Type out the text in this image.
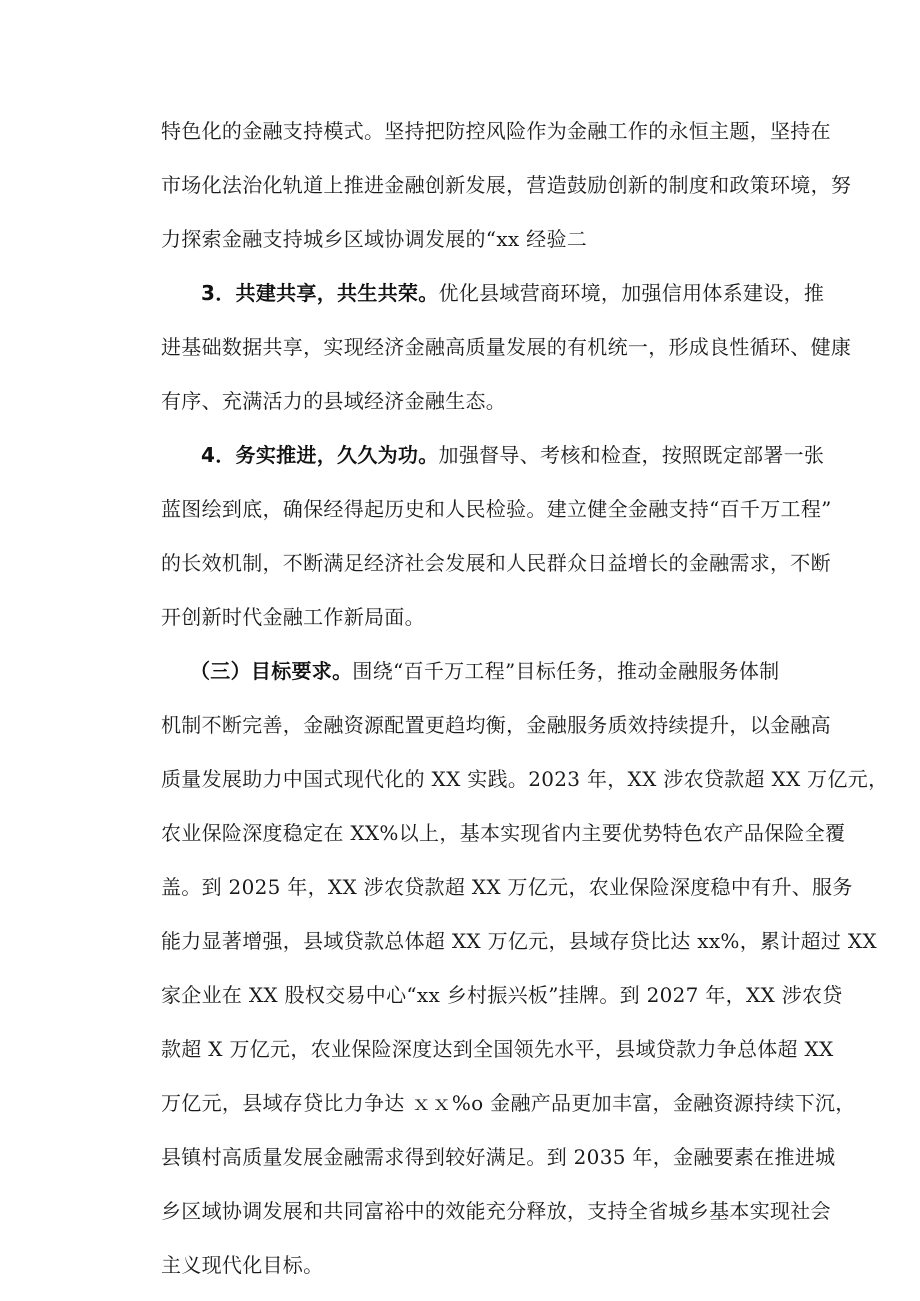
特色化的金融支持模式。坚持把防控风险作为金融工作的永恒主题，坚持在
市场化法治化轨道上推进金融创新发展，营造鼓励创新的制度和政策环境，努
力探索金融支持城乡区域协调发展的“xx 经验二
3．共建共享，共生共荣。优化县域营商环境，加强信用体系建设，推
进基础数据共享，实现经济金融高质量发展的有机统一，形成良性循环、健康
有序、充满活力的县域经济金融生态。
4．务实推进，久久为功。加强督导、考核和检查，按照既定部署一张
蓝图绘到底，确保经得起历史和人民检验。建立健全金融支持“百千万工程”
的长效机制，不断满足经济社会发展和人民群众日益增长的金融需求，不断
开创新时代金融工作新局面。
（三）目标要求。围绕“百千万工程”目标任务，推动金融服务体制
机制不断完善，金融资源配置更趋均衡，金融服务质效持续提升，以金融高
质量发展助力中国式现代化的 XX 实践。2023 年，XX 涉农贷款超 XX 万亿元，
农业保险深度稳定在 XX%以上，基本实现省内主要优势特色农产品保险全覆
盖。到 2025 年，XX 涉农贷款超 XX 万亿元，农业保险深度稳中有升、服务
能力显著增强，县域贷款总体超 XX 万亿元，县域存贷比达 xx%，累计超过 XX
家企业在 XX 股权交易中心“xx 乡村振兴板”挂牌。到 2027 年，XX 涉农贷
款超 X 万亿元，农业保险深度达到全国领先水平，县域贷款力争总体超 XX
万亿元，县域存贷比力争达 ｘｘ%o 金融产品更加丰富，金融资源持续下沉，
县镇村高质量发展金融需求得到较好满足。到 2035 年，金融要素在推进城
乡区域协调发展和共同富裕中的效能充分释放，支持全省城乡基本实现社会
主义现代化目标。
